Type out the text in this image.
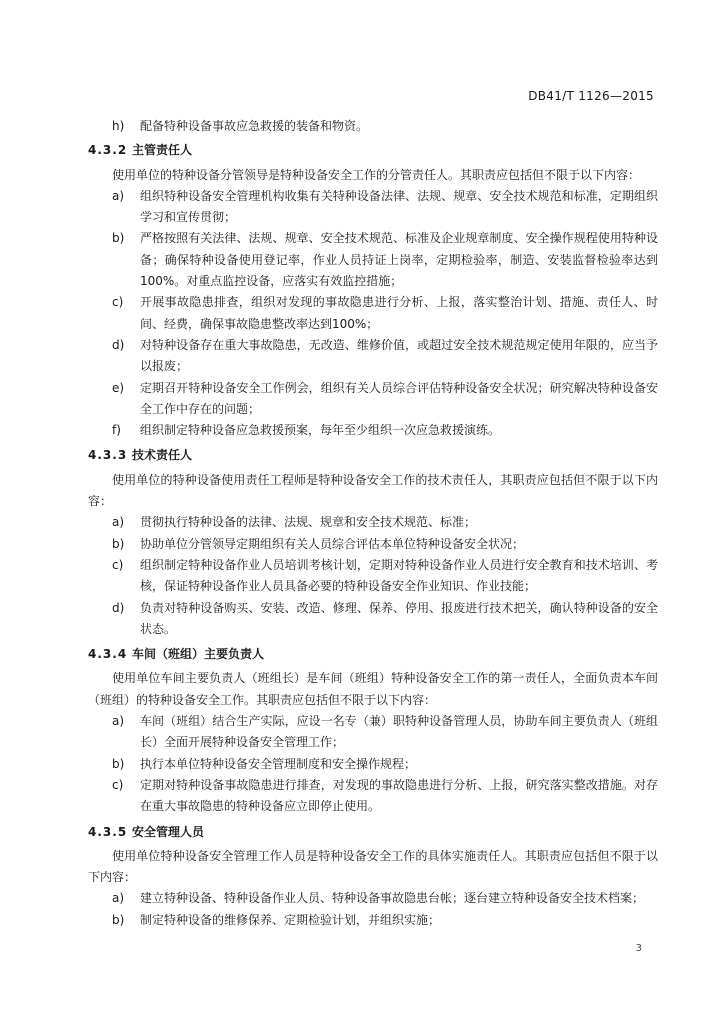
DB41/T 1126—2015
h)	配备特种设备事故应急救援的装备和物资。
4.3.2 主管责任人
使用单位的特种设备分管领导是特种设备安全工作的分管责任人。其职责应包括但不限于以下内容：
a)	组织特种设备安全管理机构收集有关特种设备法律、法规、规章、安全技术规范和标准，定期组织学习和宣传贯彻；
b)	严格按照有关法律、法规、规章、安全技术规范、标准及企业规章制度、安全操作规程使用特种设备；确保特种设备使用登记率，作业人员持证上岗率，定期检验率，制造、安装监督检验率达到100%。对重点监控设备，应落实有效监控措施；
c)	开展事故隐患排查，组织对发现的事故隐患进行分析、上报，落实整治计划、措施、责任人、时间、经费，确保事故隐患整改率达到100%；
d)	对特种设备存在重大事故隐患，无改造、维修价值，或超过安全技术规范规定使用年限的，应当予以报废；
e)	定期召开特种设备安全工作例会，组织有关人员综合评估特种设备安全状况；研究解决特种设备安全工作中存在的问题；
f)	组织制定特种设备应急救援预案，每年至少组织一次应急救援演练。
4.3.3 技术责任人
使用单位的特种设备使用责任工程师是特种设备安全工作的技术责任人，其职责应包括但不限于以下内容：
a)	贯彻执行特种设备的法律、法规、规章和安全技术规范、标准；
b)	协助单位分管领导定期组织有关人员综合评估本单位特种设备安全状况；
c)	组织制定特种设备作业人员培训考核计划，定期对特种设备作业人员进行安全教育和技术培训、考核，保证特种设备作业人员具备必要的特种设备安全作业知识、作业技能；
d)	负责对特种设备购买、安装、改造、修理、保养、停用、报废进行技术把关，确认特种设备的安全状态。
4.3.4 车间（班组）主要负责人
使用单位车间主要负责人（班组长）是车间（班组）特种设备安全工作的第一责任人，全面负责本车间（班组）的特种设备安全工作。其职责应包括但不限于以下内容：
a)	车间（班组）结合生产实际，应设一名专（兼）职特种设备管理人员，协助车间主要负责人（班组长）全面开展特种设备安全管理工作；
b)	执行本单位特种设备安全管理制度和安全操作规程；
c)	定期对特种设备事故隐患进行排查，对发现的事故隐患进行分析、上报，研究落实整改措施。对存在重大事故隐患的特种设备应立即停止使用。
4.3.5 安全管理人员
使用单位特种设备安全管理工作人员是特种设备安全工作的具体实施责任人。其职责应包括但不限于以下内容：
a)	建立特种设备、特种设备作业人员、特种设备事故隐患台帐；逐台建立特种设备安全技术档案；
b)	制定特种设备的维修保养、定期检验计划，并组织实施；
3
